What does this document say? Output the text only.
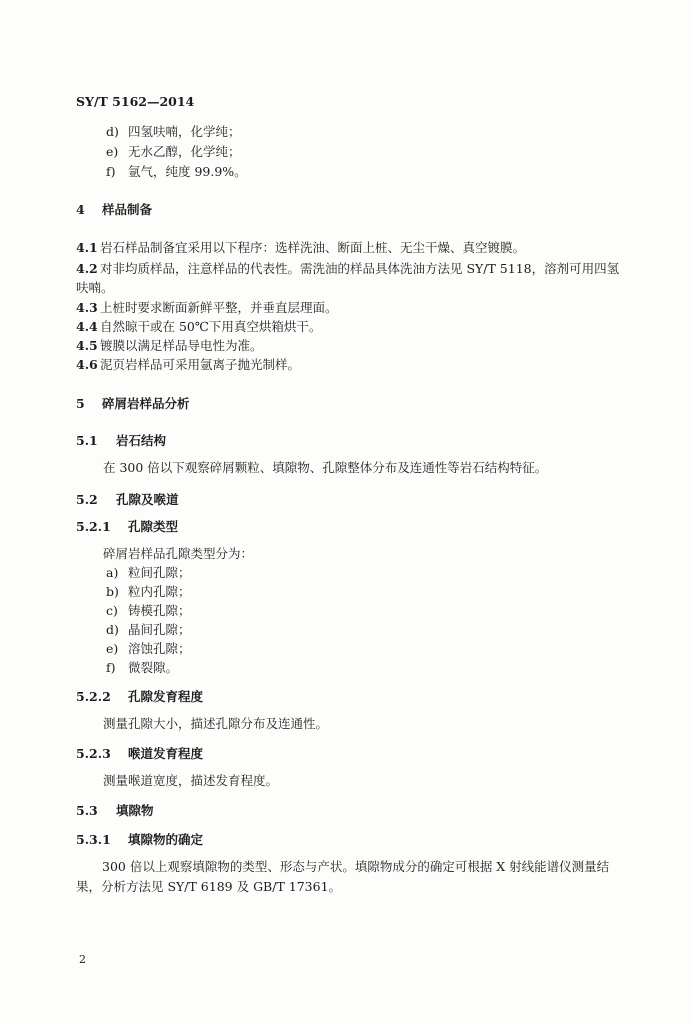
SY/T 5162—2014
d) 四氢呋喃，化学纯；
e) 无水乙醇，化学纯；
f) 氩气，纯度 99.9%。
4 样品制备
4.1 岩石样品制备宜采用以下程序：选样洗油、断面上桩、无尘干燥、真空镀膜。
4.2 对非均质样品，注意样品的代表性。需洗油的样品具体洗油方法见 SY/T 5118，溶剂可用四氢
呋喃。
4.3 上桩时要求断面新鲜平整，并垂直层理面。
4.4 自然晾干或在 50℃下用真空烘箱烘干。
4.5 镀膜以满足样品导电性为准。
4.6 泥页岩样品可采用氩离子抛光制样。
5 碎屑岩样品分析
5.1 岩石结构
在 300 倍以下观察碎屑颗粒、填隙物、孔隙整体分布及连通性等岩石结构特征。
5.2 孔隙及喉道
5.2.1 孔隙类型
碎屑岩样品孔隙类型分为：
a) 粒间孔隙；
b) 粒内孔隙；
c) 铸模孔隙；
d) 晶间孔隙；
e) 溶蚀孔隙；
f) 微裂隙。
5.2.2 孔隙发育程度
测量孔隙大小，描述孔隙分布及连通性。
5.2.3 喉道发育程度
测量喉道宽度，描述发育程度。
5.3 填隙物
5.3.1 填隙物的确定
300 倍以上观察填隙物的类型、形态与产状。填隙物成分的确定可根据 X 射线能谱仪测量结果，分析方法见 SY/T 6189 及 GB/T 17361。
2
